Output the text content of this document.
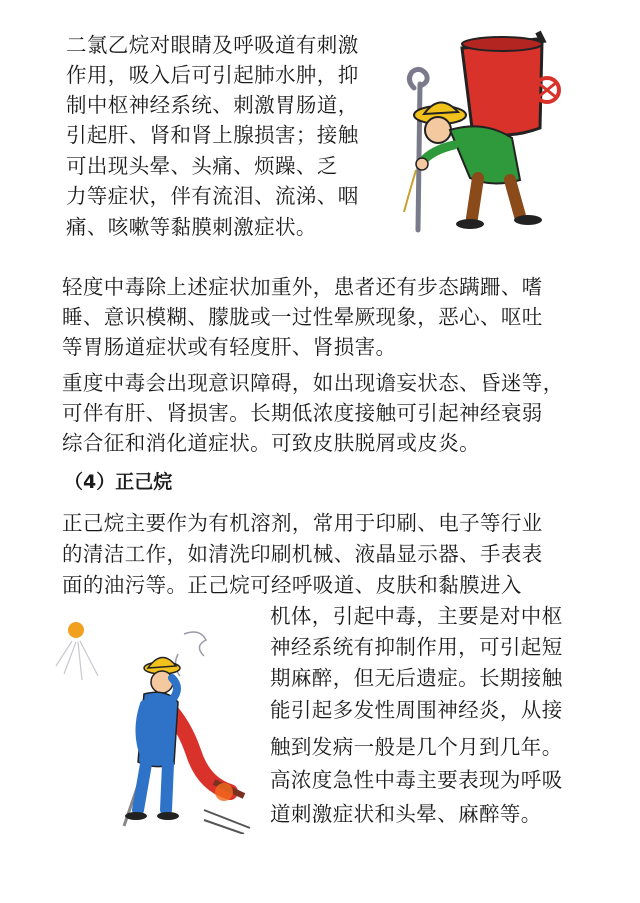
二氯乙烷对眼睛及呼吸道有刺激
作用，吸入后可引起肺水肿，抑
制中枢神经系统、刺激胃肠道，
引起肝、肾和肾上腺损害；接触
可出现头晕、头痛、烦躁、乏
力等症状，伴有流泪、流涕、咽
痛、咳嗽等黏膜刺激症状。
轻度中毒除上述症状加重外，患者还有步态蹒跚、嗜
睡、意识模糊、朦胧或一过性晕厥现象，恶心、呕吐
等胃肠道症状或有轻度肝、肾损害。
重度中毒会出现意识障碍，如出现谵妄状态、昏迷等，
可伴有肝、肾损害。长期低浓度接触可引起神经衰弱
综合征和消化道症状。可致皮肤脱屑或皮炎。
（4）正己烷
正己烷主要作为有机溶剂，常用于印刷、电子等行业
的清洁工作，如清洗印刷机械、液晶显示器、手表表
面的油污等。正己烷可经呼吸道、皮肤和黏膜进入
机体，引起中毒，主要是对中枢
神经系统有抑制作用，可引起短
期麻醉，但无后遗症。长期接触
能引起多发性周围神经炎，从接
触到发病一般是几个月到几年。
高浓度急性中毒主要表现为呼吸
道刺激症状和头晕、麻醉等。
